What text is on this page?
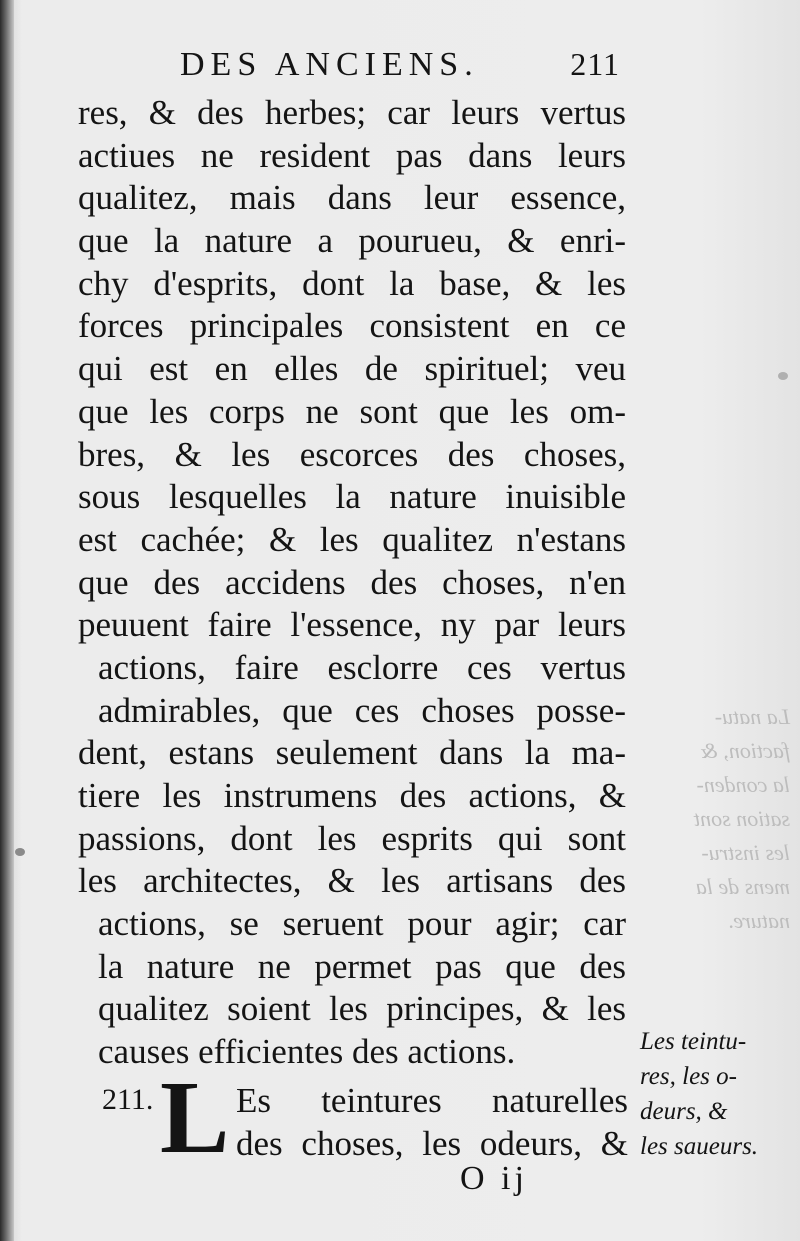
DES ANCIENS.	211
res, & des herbes; car leurs vertus
actiues ne resident pas dans leurs
qualitez, mais dans leur essence,
que la nature a pourueu, & enri-
chy d'esprits, dont la base, & les
forces principales consistent en ce
qui est en elles de spirituel; veu
que les corps ne sont que les om-
bres, & les escorces des choses,
sous lesquelles la nature inuisible
est cachée; & les qualitez n'estans
que des accidens des choses, n'en
peuuent faire l'essence, ny par leurs
actions, faire esclorre ces vertus
admirables, que ces choses posse-
dent, estans seulement dans la ma-
tiere les instrumens des actions, &
passions, dont les esprits qui sont
les architectes, & les artisans des
actions, se seruent pour agir; car
la nature ne permet pas que des
qualitez soient les principes, & les
causes efficientes des actions.
211. L Es teintures naturelles
des choses, les odeurs, &
Les teintu-
res, les o-
deurs, &
les saueurs.
La natu-
faction, &
la conden-
sation sont
les instru-
mens de la
nature.
O ij
